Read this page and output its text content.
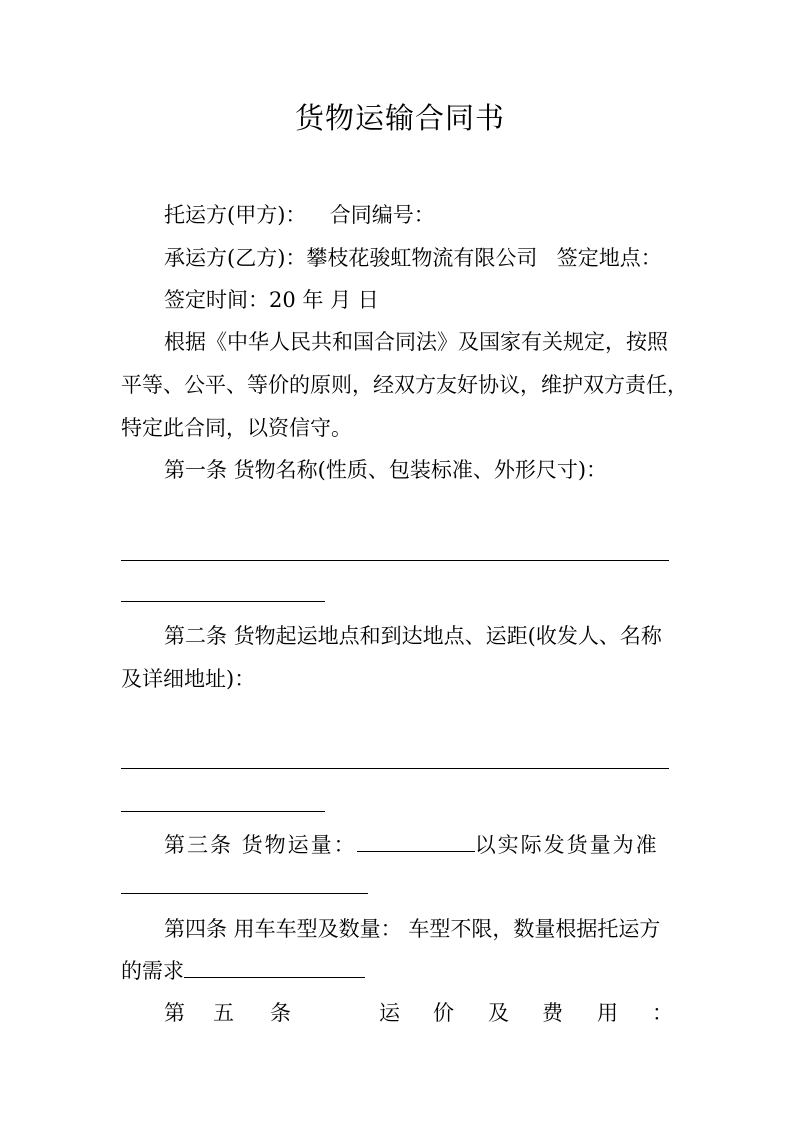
货物运输合同书
托运方(甲方)： 合同编号：
承运方(乙方)：攀枝花骏虹物流有限公司 签定地点：
签定时间：20 年 月 日
根据《中华人民共和国合同法》及国家有关规定，按照
平等、公平、等价的原则，经双方友好协议，维护双方责任，
特定此合同，以资信守。
第一条 货物名称(性质、包装标准、外形尺寸)：
第二条 货物起运地点和到达地点、运距(收发人、名称
及详细地址)：
第三条 货物运量：	以实际发货量为准
第四条 用车车型及数量： 车型不限，数量根据托运方
的需求
第 五 条	运 价 及 费 用 ：
